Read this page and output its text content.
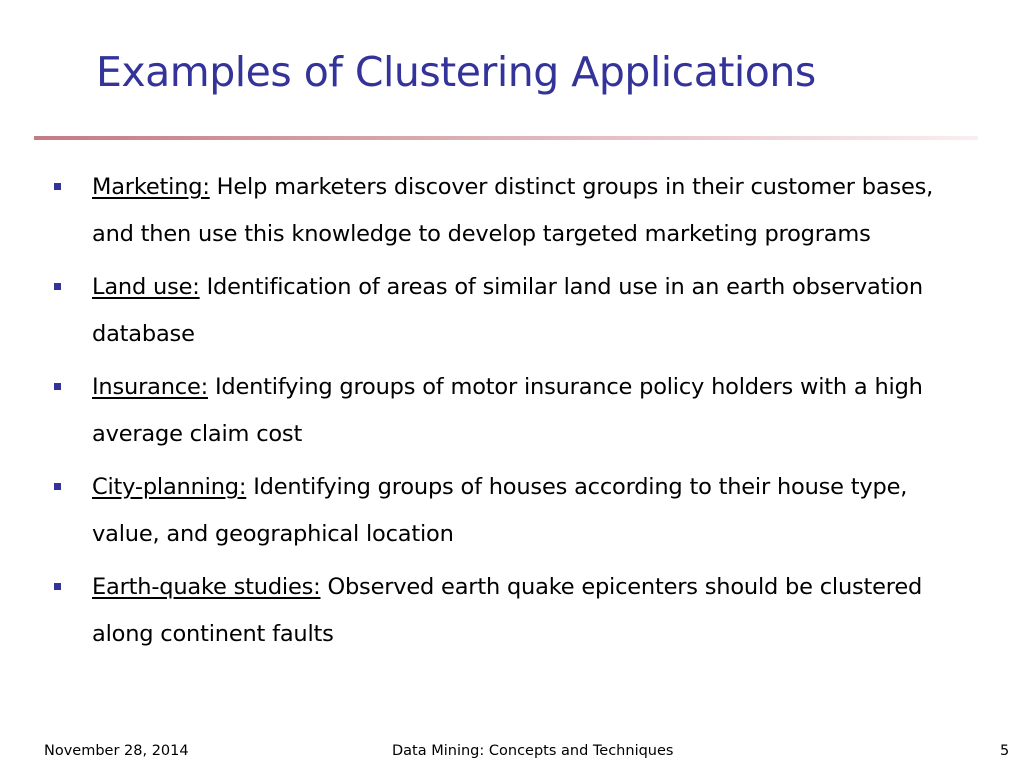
Examples of Clustering Applications
Marketing: Help marketers discover distinct groups in their customer bases, and then use this knowledge to develop targeted marketing programs
Land use: Identification of areas of similar land use in an earth observation database
Insurance: Identifying groups of motor insurance policy holders with a high average claim cost
City-planning: Identifying groups of houses according to their house type, value, and geographical location
Earth-quake studies: Observed earth quake epicenters should be clustered along continent faults
November 28, 2014	Data Mining: Concepts and Techniques	5
